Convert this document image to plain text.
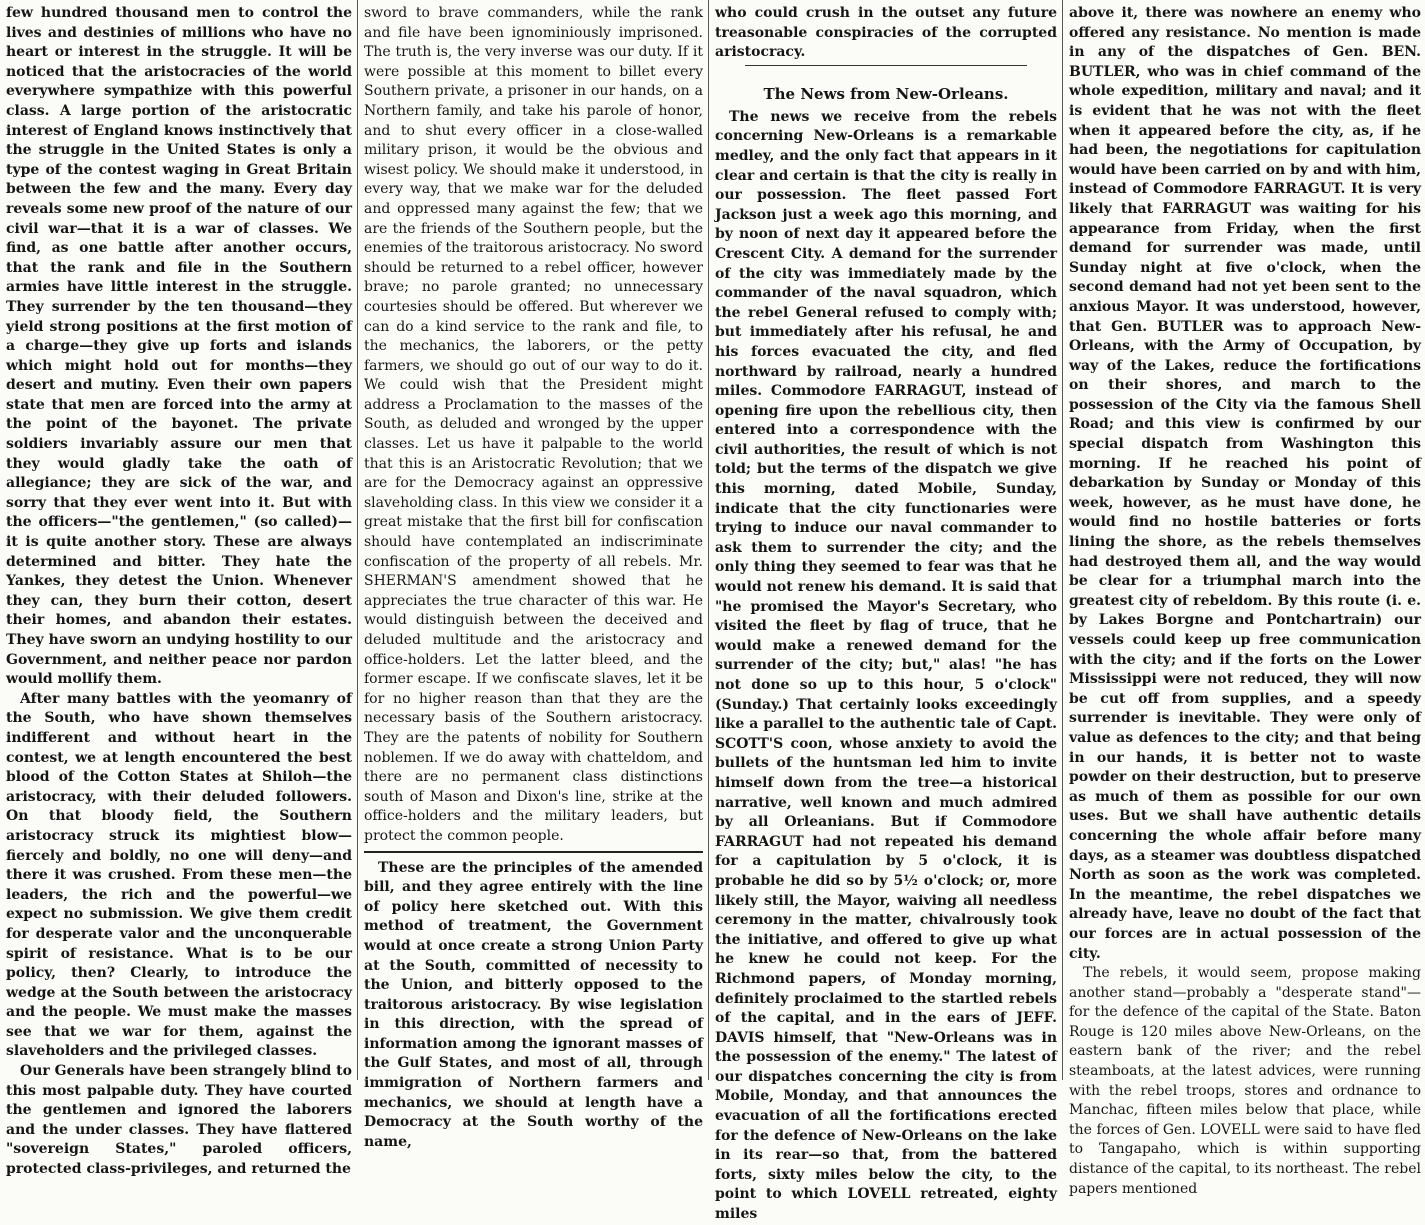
few hundred thousand men to control the lives and destinies of millions who have no heart or interest in the struggle. It will be noticed that the aristocracies of the world everywhere sympathize with this powerful class. A large portion of the aristocratic interest of England knows instinctively that the struggle in the United States is only a type of the contest waging in Great Britain between the few and the many. Every day reveals some new proof of the nature of our civil war—that it is a war of classes. We find, as one battle after another occurs, that the rank and file in the Southern armies have little interest in the struggle. They surrender by the ten thousand—they yield strong positions at the first motion of a charge—they give up forts and islands which might hold out for months—they desert and mutiny. Even their own papers state that men are forced into the army at the point of the bayonet. The private soldiers invariably assure our men that they would gladly take the oath of allegiance; they are sick of the war, and sorry that they ever went into it. But with the officers—"the gentlemen," (so called)—it is quite another story. These are always determined and bitter. They hate the Yankes, they detest the Union. Whenever they can, they burn their cotton, desert their homes, and abandon their estates. They have sworn an undying hostility to our Government, and neither peace nor pardon would mollify them.

After many battles with the yeomanry of the South, who have shown themselves indifferent and without heart in the contest, we at length encountered the best blood of the Cotton States at Shiloh—the aristocracy, with their deluded followers. On that bloody field, the Southern aristocracy struck its mightiest blow—fiercely and boldly, no one will deny—and there it was crushed. From these men—the leaders, the rich and the powerful—we expect no submission. We give them credit for desperate valor and the unconquerable spirit of resistance. What is to be our policy, then? Clearly, to introduce the wedge at the South between the aristocracy and the people. We must make the masses see that we war for them, against the slaveholders and the privileged classes.

Our Generals have been strangely blind to this most palpable duty. They have courted the gentlemen and ignored the laborers and the under classes. They have flattered "sovereign States," paroled officers, protected class-privileges, and returned the

sword to brave commanders, while the rank and file have been ignominiously imprisoned. The truth is, the very inverse was our duty. If it were possible at this moment to billet every Southern private, a prisoner in our hands, on a Northern family, and take his parole of honor, and to shut every officer in a close-walled military prison, it would be the obvious and wisest policy. We should make it understood, in every way, that we make war for the deluded and oppressed many against the few; that we are the friends of the Southern people, but the enemies of the traitorous aristocracy. No sword should be returned to a rebel officer, however brave; no parole granted; no unnecessary courtesies should be offered. But wherever we can do a kind service to the rank and file, to the mechanics, the laborers, or the petty farmers, we should go out of our way to do it. We could wish that the President might address a Proclamation to the masses of the South, as deluded and wronged by the upper classes. Let us have it palpable to the world that this is an Aristocratic Revolution; that we are for the Democracy against an oppressive slaveholding class. In this view we consider it a great mistake that the first bill for confiscation should have contemplated an indiscriminate confiscation of the property of all rebels. Mr. SHERMAN'S amendment showed that he appreciates the true character of this war. He would distinguish between the deceived and deluded multitude and the aristocracy and office-holders. Let the latter bleed, and the former escape. If we confiscate slaves, let it be for no higher reason than that they are the necessary basis of the Southern aristocracy. They are the patents of nobility for Southern noblemen. If we do away with chatteldom, and there are no permanent class distinctions south of Mason and Dixon's line, strike at the office-holders and the military leaders, but protect the common people.

These are the principles of the amended bill, and they agree entirely with the line of policy here sketched out. With this method of treatment, the Government would at once create a strong Union Party at the South, committed of necessity to the Union, and bitterly opposed to the traitorous aristocracy. By wise legislation in this direction, with the spread of information among the ignorant masses of the Gulf States, and most of all, through immigration of Northern farmers and mechanics, we should at length have a Democracy at the South worthy of the name,

who could crush in the outset any future treasonable conspiracies of the corrupted aristocracy.

The News from New-Orleans.

The news we receive from the rebels concerning New-Orleans is a remarkable medley, and the only fact that appears in it clear and certain is that the city is really in our possession. The fleet passed Fort Jackson just a week ago this morning, and by noon of next day it appeared before the Crescent City. A demand for the surrender of the city was immediately made by the commander of the naval squadron, which the rebel General refused to comply with; but immediately after his refusal, he and his forces evacuated the city, and fled northward by railroad, nearly a hundred miles. Commodore FARRAGUT, instead of opening fire upon the rebellious city, then entered into a correspondence with the civil authorities, the result of which is not told; but the terms of the dispatch we give this morning, dated Mobile, Sunday, indicate that the city functionaries were trying to induce our naval commander to ask them to surrender the city; and the only thing they seemed to fear was that he would not renew his demand. It is said that "he promised the Mayor's Secretary, who visited the fleet by flag of truce, that he would make a renewed demand for the surrender of the city; but," alas! "he has not done so up to this hour, 5 o'clock" (Sunday.) That certainly looks exceedingly like a parallel to the authentic tale of Capt. SCOTT'S coon, whose anxiety to avoid the bullets of the huntsman led him to invite himself down from the tree—a historical narrative, well known and much admired by all Orleanians. But if Commodore FARRAGUT had not repeated his demand for a capitulation by 5 o'clock, it is probable he did so by 5½ o'clock; or, more likely still, the Mayor, waiving all needless ceremony in the matter, chivalrously took the initiative, and offered to give up what he knew he could not keep. For the Richmond papers, of Monday morning, definitely proclaimed to the startled rebels of the capital, and in the ears of JEFF. DAVIS himself, that "New-Orleans was in the possession of the enemy." The latest of our dispatches concerning the city is from Mobile, Monday, and that announces the evacuation of all the fortifications erected for the defence of New-Orleans on the lake in its rear—so that, from the battered forts, sixty miles below the city, to the point to which LOVELL retreated, eighty miles

above it, there was nowhere an enemy who offered any resistance. No mention is made in any of the dispatches of Gen. BEN. BUTLER, who was in chief command of the whole expedition, military and naval; and it is evident that he was not with the fleet when it appeared before the city, as, if he had been, the negotiations for capitulation would have been carried on by and with him, instead of Commodore FARRAGUT. It is very likely that FARRAGUT was waiting for his appearance from Friday, when the first demand for surrender was made, until Sunday night at five o'clock, when the second demand had not yet been sent to the anxious Mayor. It was understood, however, that Gen. BUTLER was to approach New-Orleans, with the Army of Occupation, by way of the Lakes, reduce the fortifications on their shores, and march to the possession of the City via the famous Shell Road; and this view is confirmed by our special dispatch from Washington this morning. If he reached his point of debarkation by Sunday or Monday of this week, however, as he must have done, he would find no hostile batteries or forts lining the shore, as the rebels themselves had destroyed them all, and the way would be clear for a triumphal march into the greatest city of rebeldom. By this route (i. e. by Lakes Borgne and Pontchartrain) our vessels could keep up free communication with the city; and if the forts on the Lower Mississippi were not reduced, they will now be cut off from supplies, and a speedy surrender is inevitable. They were only of value as defences to the city; and that being in our hands, it is better not to waste powder on their destruction, but to preserve as much of them as possible for our own uses. But we shall have authentic details concerning the whole affair before many days, as a steamer was doubtless dispatched North as soon as the work was completed. In the meantime, the rebel dispatches we already have, leave no doubt of the fact that our forces are in actual possession of the city.

The rebels, it would seem, propose making another stand—probably a "desperate stand"—for the defence of the capital of the State. Baton Rouge is 120 miles above New-Orleans, on the eastern bank of the river; and the rebel steamboats, at the latest advices, were running with the rebel troops, stores and ordnance to Manchac, fifteen miles below that place, while the forces of Gen. LOVELL were said to have fled to Tangapaho, which is within supporting distance of the capital, to its northeast. The rebel papers mentioned
